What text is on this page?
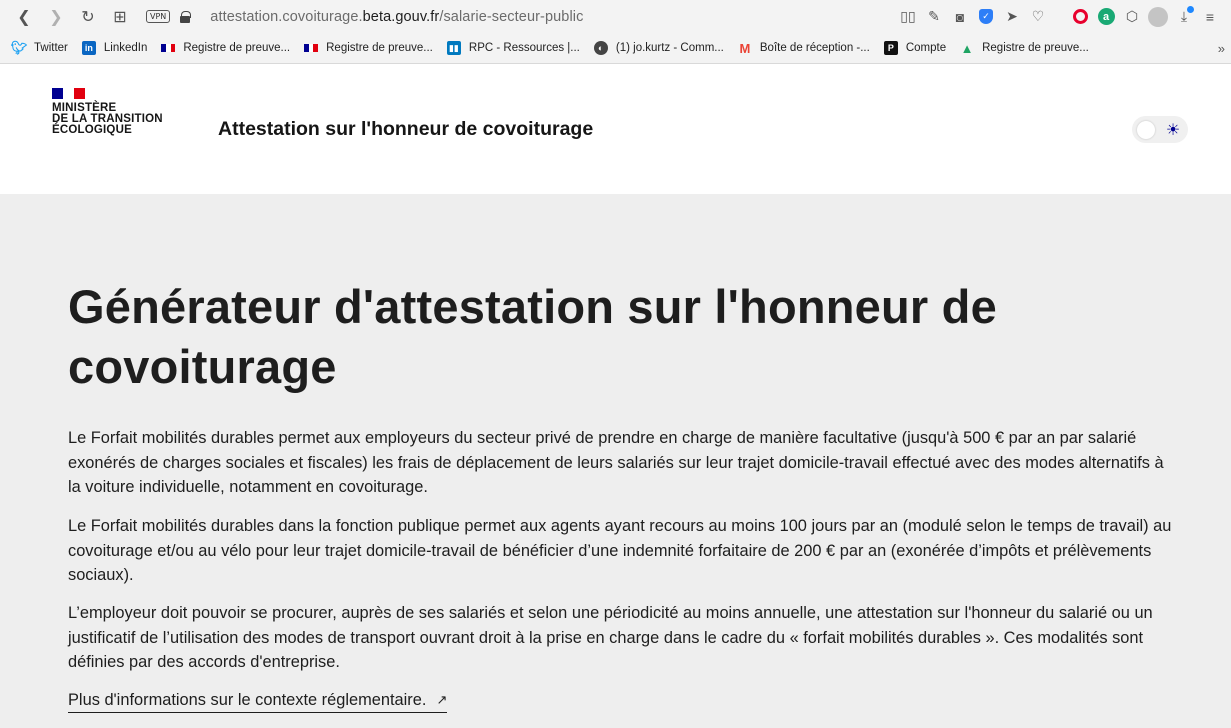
❮	❯	↻	⊞	VPN	attestation.covoiturage.beta.gouv.fr/salarie-secteur-public	▯▯ ✎	◙	✓	➤ ♡	a	⬡	⤓	≡
🐦︎ Twitter	in LinkedIn	Registre de preuve...	Registre de preuve... ▮▮ RPC - Ressources |...	◐	(1) jo.kurtz - Comm... M Boîte de réception -...	P	Compte ▲ Registre de preuve...	»
MINISTÈRE
DE LA TRANSITION
ÉCOLOGIQUE	Attestation sur l'honneur de covoiturage	☀
Générateur d'attestation sur l'honneur de covoiturage

Le Forfait mobilités durables permet aux employeurs du secteur privé de prendre en charge de manière facultative (jusqu'à 500 € par an par salarié exonérés de charges sociales et fiscales) les frais de déplacement de leurs salariés sur leur trajet domicile-travail effectué avec des modes alternatifs à la voiture individuelle, notamment en covoiturage.

Le Forfait mobilités durables dans la fonction publique permet aux agents ayant recours au moins 100 jours par an (modulé selon le temps de travail) au covoiturage et/ou au vélo pour leur trajet domicile-travail de bénéficier d’une indemnité forfaitaire de 200 € par an (exonérée d’impôts et prélèvements sociaux).

L’employeur doit pouvoir se procurer, auprès de ses salariés et selon une périodicité au moins annuelle, une attestation sur l'honneur du salarié ou un justificatif de l’utilisation des modes de transport ouvrant droit à la prise en charge dans le cadre du « forfait mobilités durables ». Ces modalités sont définies par des accords d'entreprise.

Plus d'informations sur le contexte réglementaire. ↗
